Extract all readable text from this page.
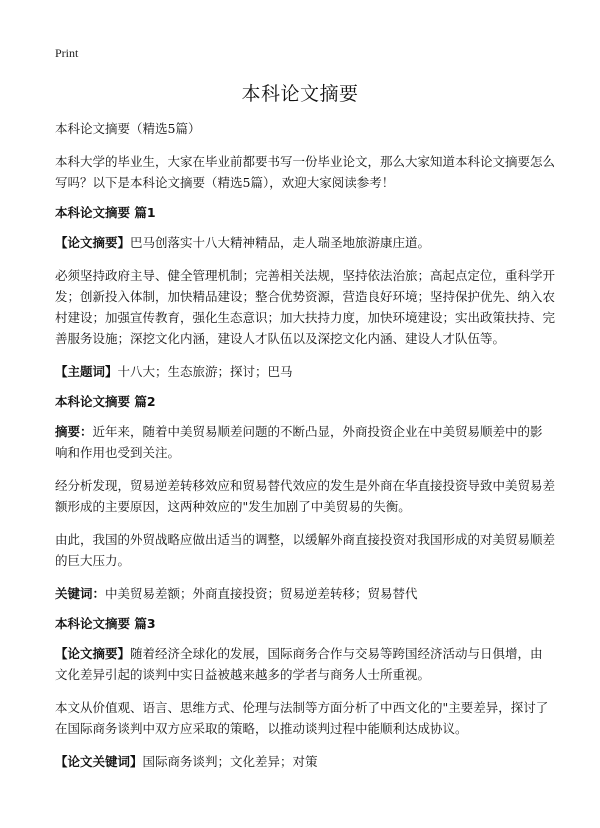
Print
本科论文摘要

本科论文摘要（精选5篇）

本科大学的毕业生，大家在毕业前都要书写一份毕业论文，那么大家知道本科论文摘要怎么写吗？以下是本科论文摘要（精选5篇），欢迎大家阅读参考！

本科论文摘要 篇1

【论文摘要】巴马创落实十八大精神精品，走人瑞圣地旅游康庄道。

必须坚持政府主导、健全管理机制；完善相关法规，坚持依法治旅；高起点定位，重科学开发；创新投入体制，加快精品建设；整合优势资源，营造良好环境；坚持保护优先、纳入农村建设；加强宣传教育，强化生态意识；加大扶持力度，加快环境建设；实出政策扶持、完善服务设施；深挖文化内涵，建设人才队伍以及深挖文化内涵、建设人才队伍等。

【主题词】十八大；生态旅游；探讨；巴马

本科论文摘要 篇2

摘要：近年来，随着中美贸易顺差问题的不断凸显，外商投资企业在中美贸易顺差中的影响和作用也受到关注。

经分析发现，贸易逆差转移效应和贸易替代效应的发生是外商在华直接投资导致中美贸易差额形成的主要原因，这两种效应的"发生加剧了中美贸易的失衡。

由此，我国的外贸战略应做出适当的调整，以缓解外商直接投资对我国形成的对美贸易顺差的巨大压力。

关键词：中美贸易差额；外商直接投资；贸易逆差转移；贸易替代

本科论文摘要 篇3

【论文摘要】随着经济全球化的发展，国际商务合作与交易等跨国经济活动与日俱增，由文化差异引起的谈判中实日益被越来越多的学者与商务人士所重视。

本文从价值观、语言、思维方式、伦理与法制等方面分析了中西文化的"主要差异，探讨了在国际商务谈判中双方应采取的策略，以推动谈判过程中能顺利达成协议。

【论文关键词】国际商务谈判；文化差异；对策
